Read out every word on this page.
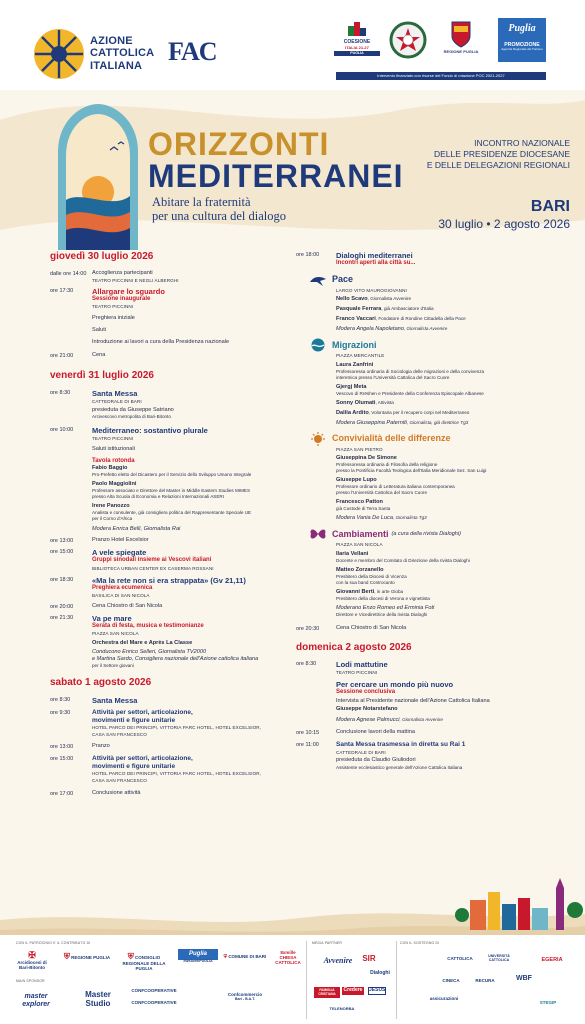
AZIONE
CATTOLICA
ITALIANA FAC	COESIONE
ITALIA 21-27
PUGLIA	REGIONE PUGLIA
Puglia
PROMOZIONE
Agenzia Regionale del Turismo
Intervento finanziato con risorse del Fondo di rotazione POC 2021-2027
ORIZZONTI
MEDITERRANEI
Abitare la fraternità
per una cultura del dialogo
INCONTRO NAZIONALE
DELLE PRESIDENZE DIOCESANE
E DELLE DELEGAZIONI REGIONALI
BARI
30 luglio • 2 agosto 2026
giovedì 30 luglio 2026
dalle ore 14:00	Accoglienza partecipanti
TEATRO PICCINNI E NEGLI ALBERGHI
ore 17:30	Allargare lo sguardo
Sessione inaugurale
TEATRO PICCINNI
Preghiera iniziale
Saluti
Introduzione ai lavori a cura della Presidenza nazionale
ore 21:00	Cena
venerdì 31 luglio 2026
ore 8:30	Santa Messa
CATTEDRALE DI BARI
presieduta da Giuseppe Satriano
Arcivescovo metropolita di Bari-Bitonto
ore 10:00	Mediterraneo: sostantivo plurale
TEATRO PICCINNI
Saluti istituzionali
Tavola rotonda
Fabio Baggio
Pro-Prefetto eletto del Dicastero per il Servizio dello Sviluppo Umano Integrale
Paolo Maggiolini
Professore associato e Direttore del Master in Middle Eastern Studies MIMES
presso Alta Scuola di Economia e Relazioni Internazionali ASERI
Irene Panozzo
Analista e consulente, già consigliera politica del Rappresentante Speciale UE
per il Corno d'Africa
Modera Enrica Belli, Giornalista Rai
ore 13:00	Pranzo Hotel Excelsior
ore 15:00	A vele spiegate
Gruppi sinodali insieme ai Vescovi italiani
BIBLIOTECA URBAN CENTER EX CASERMA ROSSANI
ore 18:30	«Ma la rete non si era strappata» (Gv 21,11)
Preghiera ecumenica
BASILICA DI SAN NICOLA
ore 20:00	Cena Chiostro di San Nicola
ore 21:30	Va pe mare
Serata di festa, musica e testimonianze
PIAZZA SAN NICOLA
Orchestra del Mare e Après La Classe
Conducono Enrico Selleri, Giornalista TV2000
e Martina Sardo, Consigliera nazionale dell'Azione cattolica italiana
per il Settore giovani
sabato 1 agosto 2026
ore 8:30	Santa Messa
ore 9:30	Attività per settori, articolazione,
movimenti e figure unitarie
HOTEL PARCO DEI PRINCIPI, VITTORIA PARC HOTEL, HOTEL EXCELSIOR,
CASA SAN FRANCESCO
ore 13:00	Pranzo
ore 15:00	Attività per settori, articolazione,
movimenti e figure unitarie
HOTEL PARCO DEI PRINCIPI, VITTORIA PARC HOTEL, HOTEL EXCELSIOR,
CASA SAN FRANCESCO
ore 17:00	Conclusione attività
ore 18:00	Dialoghi mediterranei
Incontri aperti alla città su...
Pace
LARGO VITO MAUROGIOVANNI
Nello Scavo, Giornalista Avvenire
Pasquale Ferrara, già Ambasciatore d'Italia
Franco Vaccari, Fondatore di Rondine Cittadella della Pace
Modera Angela Napoletano, Giornalista Avvenire
Migrazioni
PIAZZA MERCANTILE
Laura Zanfrini
Professoressa ordinaria di Sociologia delle migrazioni e della convivenza
interetnica presso l'Università Cattolica del Sacro Cuore
Gjergj Meta
Vescovo di Rrëshen e Presidente della Conferenza Episcopale Albanese
Sonny Olumati, Attivista
Dalila Ardito, Volontaria per il recupero corpi nel Mediterraneo
Modera Giuseppina Paterniti, Giornalista, già direttrice Tg3
Convivialità delle differenze
PIAZZA SAN PIETRO
Giuseppina De Simone
Professoressa ordinaria di Filosofia della religione
presso la Pontificia Facoltà Teologica dell'Italia Meridionale Sez. San Luigi
Giuseppe Lupo
Professore ordinario di Letteratura italiana contemporanea
presso l'Università Cattolica del Sacro Cuore
Francesco Patton
già Custode di Terra Santa
Modera Vania De Luca, Giornalista Tg3
Cambiamenti (a cura della rivista Dialoghi)
PIAZZA SAN NICOLA
Ilaria Vellani
Docente e membro del Comitato di Direzione della rivista Dialoghi
Matteo Zorzanello
Presbitero della Diocesi di Vicenza
con la sua band Controcanto
Giovanni Berti, in arte Gioba
Presbitero della diocesi di Verona e vignettista
Moderano Enzo Romeo ed Erminia Foti
Direttore e Vicedirettrice della rivista Dialoghi
ore 20:30	Cena Chiostro di San Nicola
domenica 2 agosto 2026
ore 8:30	Lodi mattutine
TEATRO PICCINNI
Per cercare un mondo più nuovo
Sessione conclusiva
Intervista al Presidente nazionale dell'Azione Cattolica Italiana
Giuseppe Notarstefano
Modera Agnese Palmucci, Giornalista Avvenire
ore 10:15	Conclusione lavori della mattina
ore 11:00	Santa Messa trasmessa in diretta su Rai 1
CATTEDRALE DI BARI
presieduta da Claudio Giuliodori
Assistente ecclesiastico generale dell'Azione Cattolica Italiana
CON IL PATROCINIO E IL CONTRIBUTO DI	MEDIA PARTNER	CON IL SOSTEGNO DI
MAIN SPONSOR
✠
Arcidiocesi di Bari-Bitonto
⛨ REGIONE PUGLIA	⛨ CONSIGLIO REGIONALE DELLA PUGLIA
Puglia
#WeAreinPUGLIA
⛨ COMUNE DI BARI
8xmille CHIESA CATTOLICA	Avvenire	SIR
Dialoghi
FAMIGLIA CRISTIANA
Credere	JESUS
TELENORBA
CATTOLICA	UNIVERSITÀ CATTOLICA	EGERIA
CINECA	RECURA	WBF
assicurazioni
STEGIP
master explorer
Master Studio
CONFCOOPERATIVE
CONFCOOPERATIVE
Confcommercio
Bari - B.A.T.
